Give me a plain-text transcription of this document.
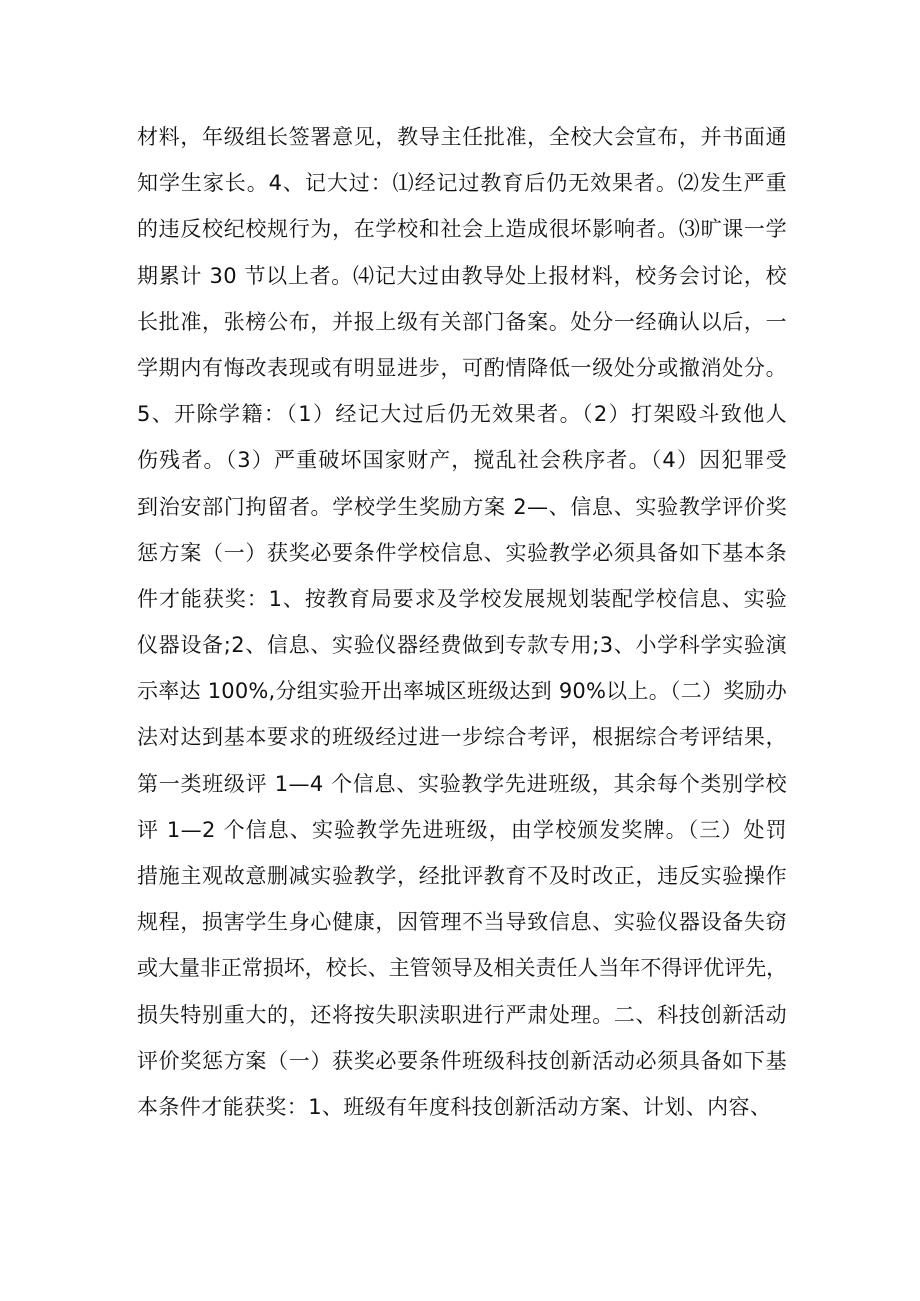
材料，年级组长签署意见，教导主任批准，全校大会宣布，并书面通
知学生家长。4、记大过：⑴经记过教育后仍无效果者。⑵发生严重
的违反校纪校规行为，在学校和社会上造成很坏影响者。⑶旷课一学
期累计 30 节以上者。⑷记大过由教导处上报材料，校务会讨论，校
长批准，张榜公布，并报上级有关部门备案。处分一经确认以后，一
学期内有悔改表现或有明显进步，可酌情降低一级处分或撤消处分。
5、开除学籍：（1）经记大过后仍无效果者。（2）打架殴斗致他人
伤残者。（3）严重破坏国家财产，搅乱社会秩序者。（4）因犯罪受
到治安部门拘留者。学校学生奖励方案 2—、信息、实验教学评价奖
惩方案（一）获奖必要条件学校信息、实验教学必须具备如下基本条
件才能获奖：1、按教育局要求及学校发展规划装配学校信息、实验
仪器设备;2、信息、实验仪器经费做到专款专用;3、小学科学实验演
示率达 100%,分组实验开出率城区班级达到 90%以上。（二）奖励办
法对达到基本要求的班级经过进一步综合考评，根据综合考评结果，
第一类班级评 1—4 个信息、实验教学先进班级，其余每个类别学校
评 1—2 个信息、实验教学先进班级，由学校颁发奖牌。（三）处罚
措施主观故意删减实验教学，经批评教育不及时改正，违反实验操作
规程，损害学生身心健康，因管理不当导致信息、实验仪器设备失窃
或大量非正常损坏，校长、主管领导及相关责任人当年不得评优评先，
损失特别重大的，还将按失职渎职进行严肃处理。二、科技创新活动
评价奖惩方案（一）获奖必要条件班级科技创新活动必须具备如下基
本条件才能获奖：1、班级有年度科技创新活动方案、计划、内容、
